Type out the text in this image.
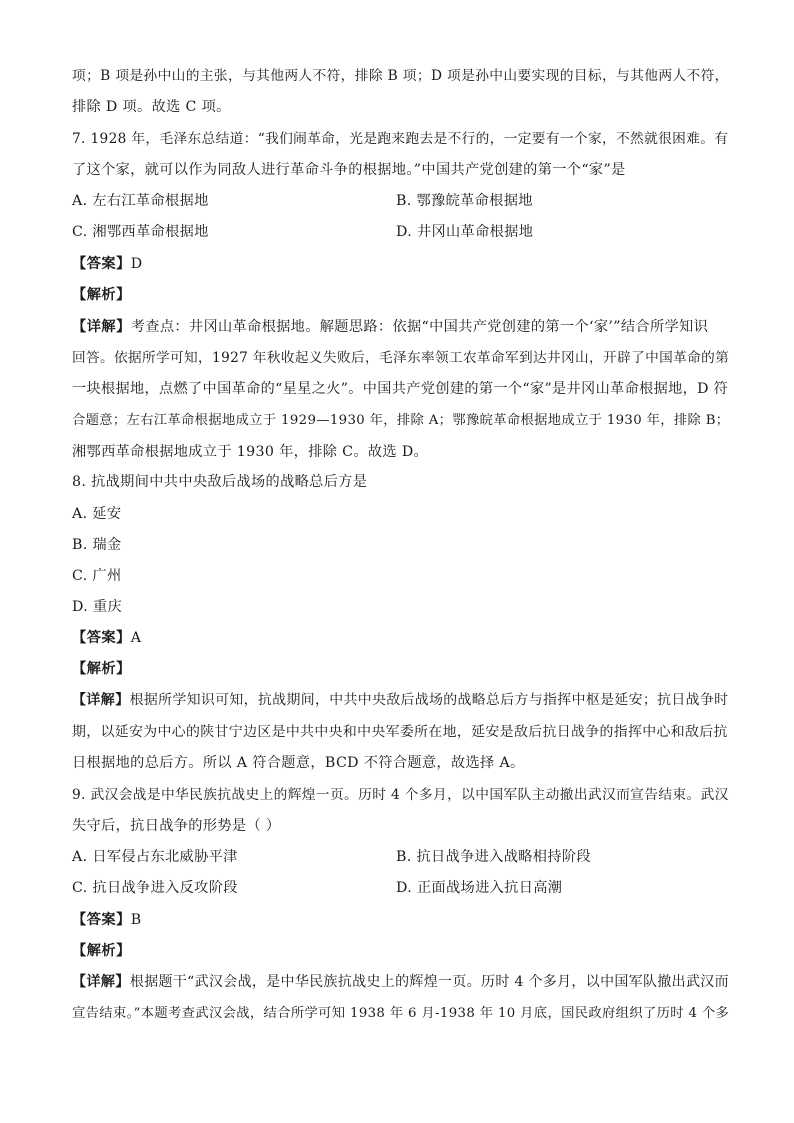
项；B 项是孙中山的主张，与其他两人不符，排除 B 项；D 项是孙中山要实现的目标，与其他两人不符，
排除 D 项。故选 C 项。
7. 1928 年，毛泽东总结道：“我们闹革命，光是跑来跑去是不行的，一定要有一个家，不然就很困难。有
了这个家，就可以作为同敌人进行革命斗争的根据地。”中国共产党创建的第一个“家”是
A. 左右江革命根据地	B. 鄂豫皖革命根据地
C. 湘鄂西革命根据地	D. 井冈山革命根据地
【答案】D
【解析】
【详解】考查点：井冈山革命根据地。解题思路：依据“中国共产党创建的第一个‘家’”结合所学知识
回答。依据所学可知，1927 年秋收起义失败后，毛泽东率领工农革命军到达井冈山，开辟了中国革命的第
一块根据地，点燃了中国革命的“星星之火”。中国共产党创建的第一个“家”是井冈山革命根据地，D 符
合题意；左右江革命根据地成立于 1929—1930 年，排除 A；鄂豫皖革命根据地成立于 1930 年，排除 B；
湘鄂西革命根据地成立于 1930 年，排除 C。故选 D。
8. 抗战期间中共中央敌后战场的战略总后方是
A. 延安
B. 瑞金
C. 广州
D. 重庆
【答案】A
【解析】
【详解】根据所学知识可知，抗战期间，中共中央敌后战场的战略总后方与指挥中枢是延安；抗日战争时
期，以延安为中心的陕甘宁边区是中共中央和中央军委所在地，延安是敌后抗日战争的指挥中心和敌后抗
日根据地的总后方。所以 A 符合题意，BCD 不符合题意，故选择 A。
9. 武汉会战是中华民族抗战史上的辉煌一页。历时 4 个多月，以中国军队主动撤出武汉而宣告结束。武汉
失守后，抗日战争的形势是（ ）
A. 日军侵占东北威胁平津	B. 抗日战争进入战略相持阶段
C. 抗日战争进入反攻阶段	D. 正面战场进入抗日高潮
【答案】B
【解析】
【详解】根据题干“武汉会战，是中华民族抗战史上的辉煌一页。历时 4 个多月，以中国军队撤出武汉而
宣告结束。”本题考查武汉会战，结合所学可知 1938 年 6 月-1938 年 10 月底，国民政府组织了历时 4 个多
